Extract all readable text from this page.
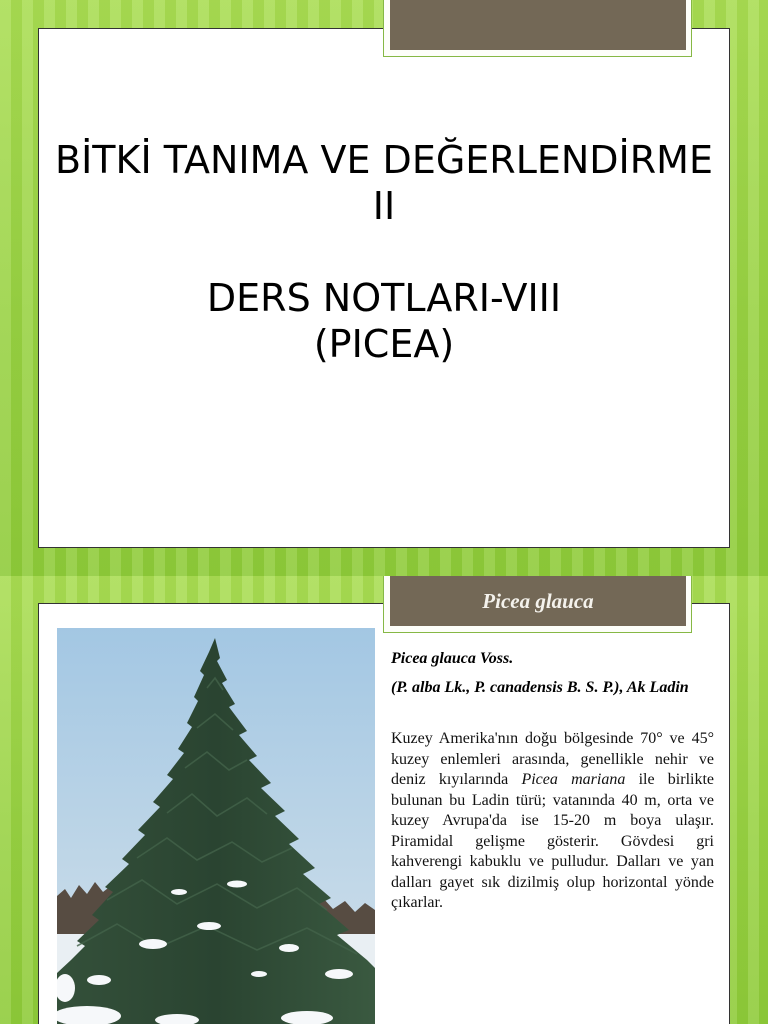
BİTKİ TANIMA VE DEĞERLENDİRME
II
DERS NOTLARI-VIII
(PICEA)
Picea glauca Voss.
(P. alba Lk., P. canadensis B. S. P.), Ak Ladin

Kuzey Amerika'nın doğu bölgesinde 70° ve 45° kuzey enlemleri arasında, genellikle nehir ve deniz kıyılarında Picea mariana ile birlikte bulunan bu Ladin türü; vatanında 40 m, orta ve kuzey Avrupa'da ise 15-20 m boya ulaşır. Piramidal gelişme gösterir. Gövdesi gri kahverengi kabuklu ve pulludur. Dalları ve yan dalları gayet sık dizilmiş olup horizontal yönde çıkarlar.

Picea glauca
